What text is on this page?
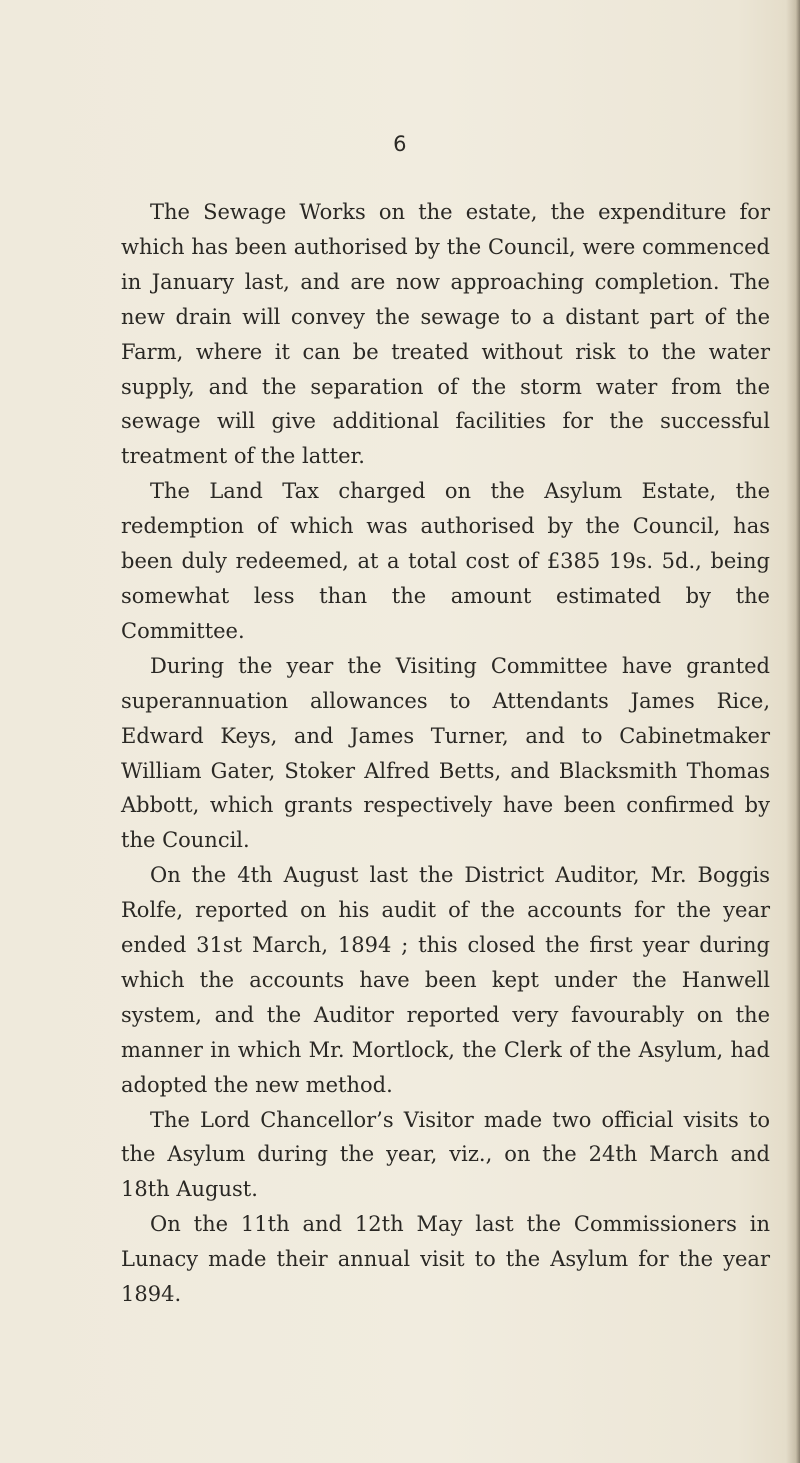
6

The Sewage Works on the estate, the expenditure for which has been authorised by the Council, were commenced in January last, and are now approaching completion. The new drain will convey the sewage to a distant part of the Farm, where it can be treated without risk to the water supply, and the separation of the storm water from the sewage will give additional facilities for the successful treatment of the latter.

The Land Tax charged on the Asylum Estate, the redemption of which was authorised by the Council, has been duly redeemed, at a total cost of £385 19s. 5d., being somewhat less than the amount estimated by the Committee.

During the year the Visiting Committee have granted superannuation allowances to Attendants James Rice, Edward Keys, and James Turner, and to Cabinetmaker William Gater, Stoker Alfred Betts, and Blacksmith Thomas Abbott, which grants respectively have been confirmed by the Council.

On the 4th August last the District Auditor, Mr. Boggis Rolfe, reported on his audit of the accounts for the year ended 31st March, 1894 ; this closed the first year during which the accounts have been kept under the Hanwell system, and the Auditor reported very favourably on the manner in which Mr. Mortlock, the Clerk of the Asylum, had adopted the new method.

The Lord Chancellor’s Visitor made two official visits to the Asylum during the year, viz., on the 24th March and 18th August.

On the 11th and 12th May last the Commissioners in Lunacy made their annual visit to the Asylum for the year 1894.
